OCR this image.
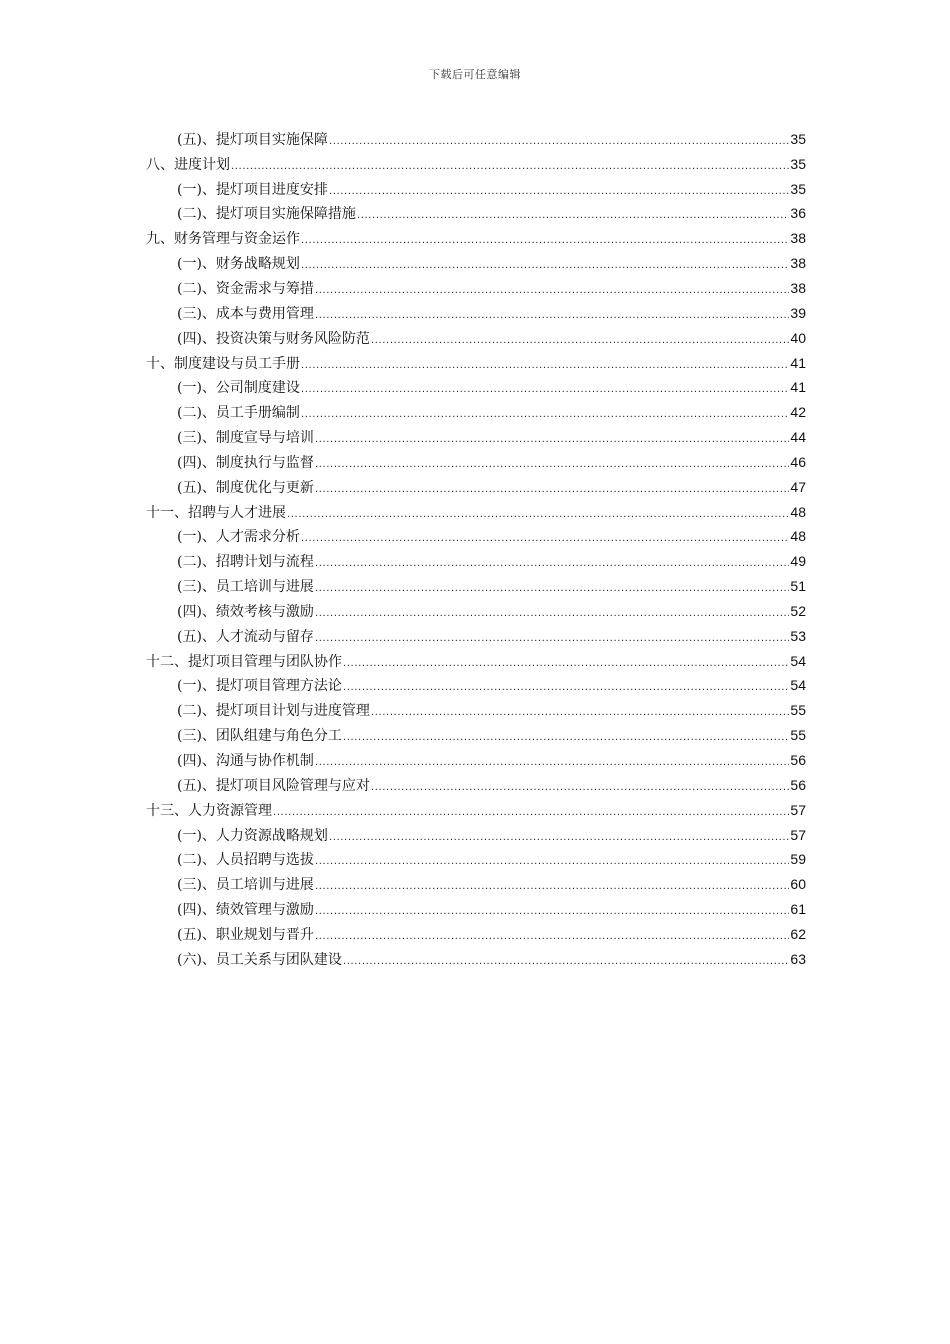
下载后可任意编辑
(五)、提灯项目实施保障 .....	35
八、进度计划 .....	35
(一)、提灯项目进度安排 .....	35
(二)、提灯项目实施保障措施 .....	36
九、财务管理与资金运作 .....	38
(一)、财务战略规划 .....	38
(二)、资金需求与筹措 .....	38
(三)、成本与费用管理 .....	39
(四)、投资决策与财务风险防范 .....	40
十、制度建设与员工手册 .....	41
(一)、公司制度建设 .....	41
(二)、员工手册编制 .....	42
(三)、制度宣导与培训 .....	44
(四)、制度执行与监督 .....	46
(五)、制度优化与更新 .....	47
十一、招聘与人才进展 .....	48
(一)、人才需求分析 .....	48
(二)、招聘计划与流程 .....	49
(三)、员工培训与进展 .....	51
(四)、绩效考核与激励 .....	52
(五)、人才流动与留存 .....	53
十二、提灯项目管理与团队协作 .....	54
(一)、提灯项目管理方法论 .....	54
(二)、提灯项目计划与进度管理 .....	55
(三)、团队组建与角色分工 .....	55
(四)、沟通与协作机制 .....	56
(五)、提灯项目风险管理与应对 .....	56
十三、人力资源管理 .....	57
(一)、人力资源战略规划 .....	57
(二)、人员招聘与选拔 .....	59
(三)、员工培训与进展 .....	60
(四)、绩效管理与激励 .....	61
(五)、职业规划与晋升 .....	62
(六)、员工关系与团队建设 .....	63
